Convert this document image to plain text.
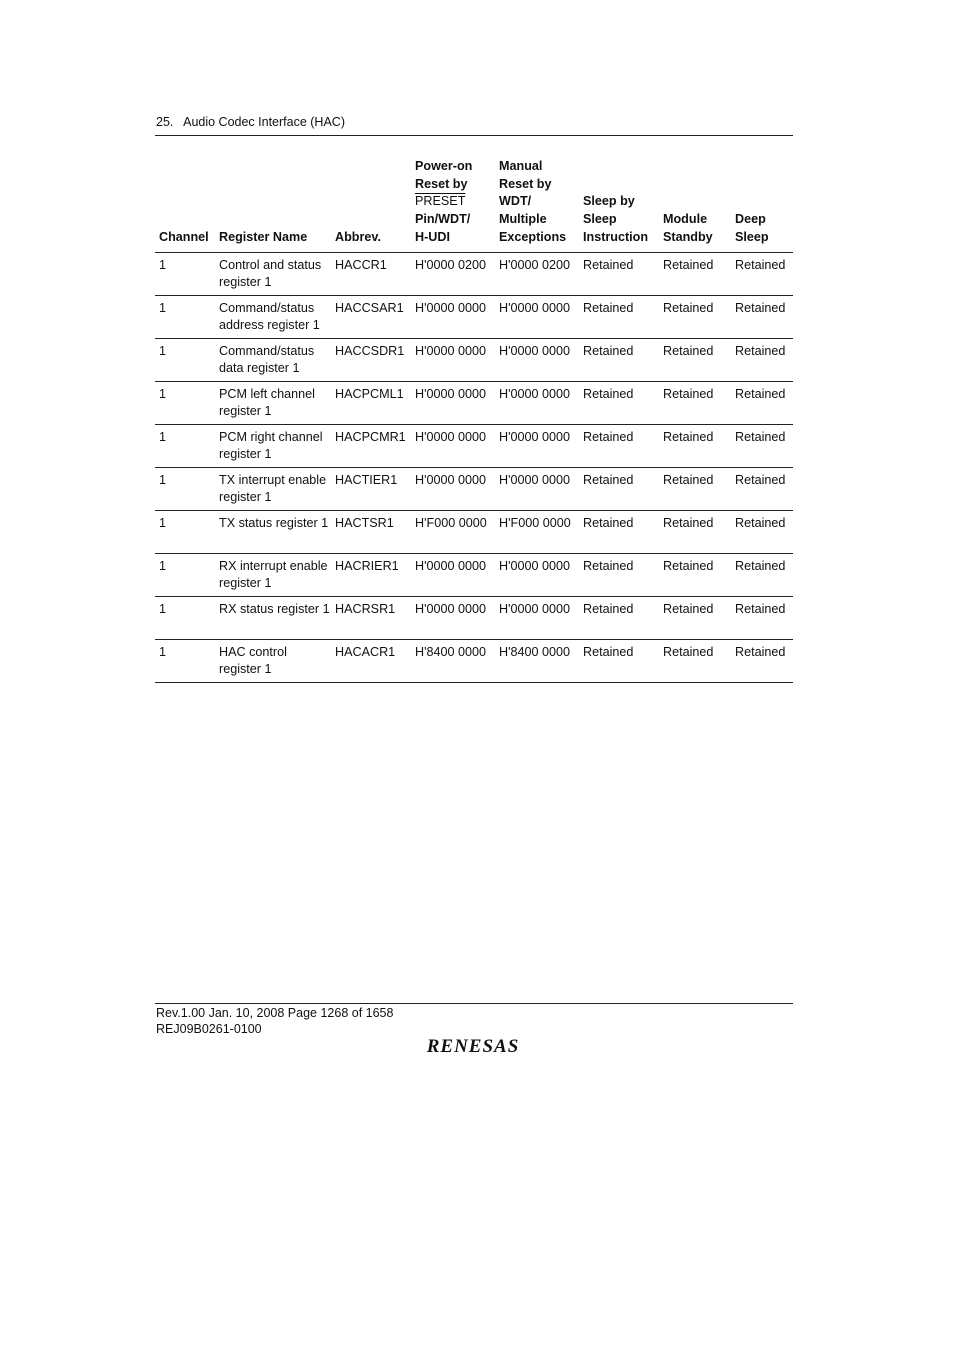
25.   Audio Codec Interface (HAC)
Channel	Register Name	Abbrev.	Power-on
Reset by
PRESET
Pin/WDT/
H-UDI	Manual
Reset by
WDT/
Multiple
Exceptions	Sleep by
Sleep
Instruction	Module
Standby	Deep
Sleep
1	Control and status register 1	HACCR1	H'0000 0200	H'0000 0200	Retained	Retained	Retained
1	Command/status address register 1	HACCSAR1	H'0000 0000	H'0000 0000	Retained	Retained	Retained
1	Command/status data register 1	HACCSDR1	H'0000 0000	H'0000 0000	Retained	Retained	Retained
1	PCM left channel register 1	HACPCML1	H'0000 0000	H'0000 0000	Retained	Retained	Retained
1	PCM right channel register 1	HACPCMR1	H'0000 0000	H'0000 0000	Retained	Retained	Retained
1	TX interrupt enable register 1	HACTIER1	H'0000 0000	H'0000 0000	Retained	Retained	Retained
1	TX status register 1	HACTSR1	H'F000 0000	H'F000 0000	Retained	Retained	Retained
1	RX interrupt enable register 1	HACRIER1	H'0000 0000	H'0000 0000	Retained	Retained	Retained
1	RX status register 1	HACRSR1	H'0000 0000	H'0000 0000	Retained	Retained	Retained
1	HAC control register 1	HACACR1	H'8400 0000	H'8400 0000	Retained	Retained	Retained
Rev.1.00 Jan. 10, 2008 Page 1268 of 1658
REJ09B0261-0100
RENESAS
